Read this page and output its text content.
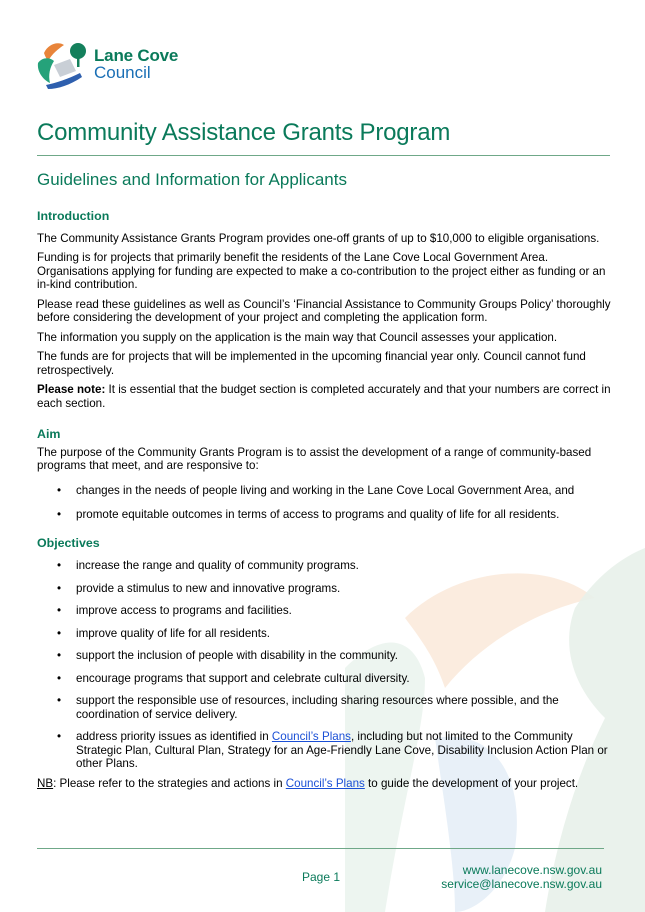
Lane Cove
Council
Community Assistance Grants Program
Guidelines and Information for Applicants

Introduction

The Community Assistance Grants Program provides one-off grants of up to $10,000 to eligible organisations.

Funding is for projects that primarily benefit the residents of the Lane Cove Local Government Area. Organisations applying for funding are expected to make a co-contribution to the project either as funding or an in-kind contribution.

Please read these guidelines as well as Council’s ‘Financial Assistance to Community Groups Policy’ thoroughly before considering the development of your project and completing the application form.

The information you supply on the application is the main way that Council assesses your application.

The funds are for projects that will be implemented in the upcoming financial year only. Council cannot fund retrospectively.

Please note: It is essential that the budget section is completed accurately and that your numbers are correct in each section.

Aim

The purpose of the Community Grants Program is to assist the development of a range of community-based programs that meet, and are responsive to:

• changes in the needs of people living and working in the Lane Cove Local Government Area, and
• promote equitable outcomes in terms of access to programs and quality of life for all residents.

Objectives

• increase the range and quality of community programs.
• provide a stimulus to new and innovative programs.
• improve access to programs and facilities.
• improve quality of life for all residents.
• support the inclusion of people with disability in the community.
• encourage programs that support and celebrate cultural diversity.
• support the responsible use of resources, including sharing resources where possible, and the coordination of service delivery.
• address priority issues as identified in Council’s Plans, including but not limited to the Community Strategic Plan, Cultural Plan, Strategy for an Age-Friendly Lane Cove, Disability Inclusion Action Plan or other Plans.

NB: Please refer to the strategies and actions in Council’s Plans to guide the development of your project.

Page 1	www.lanecove.nsw.gov.au
service@lanecove.nsw.gov.au
